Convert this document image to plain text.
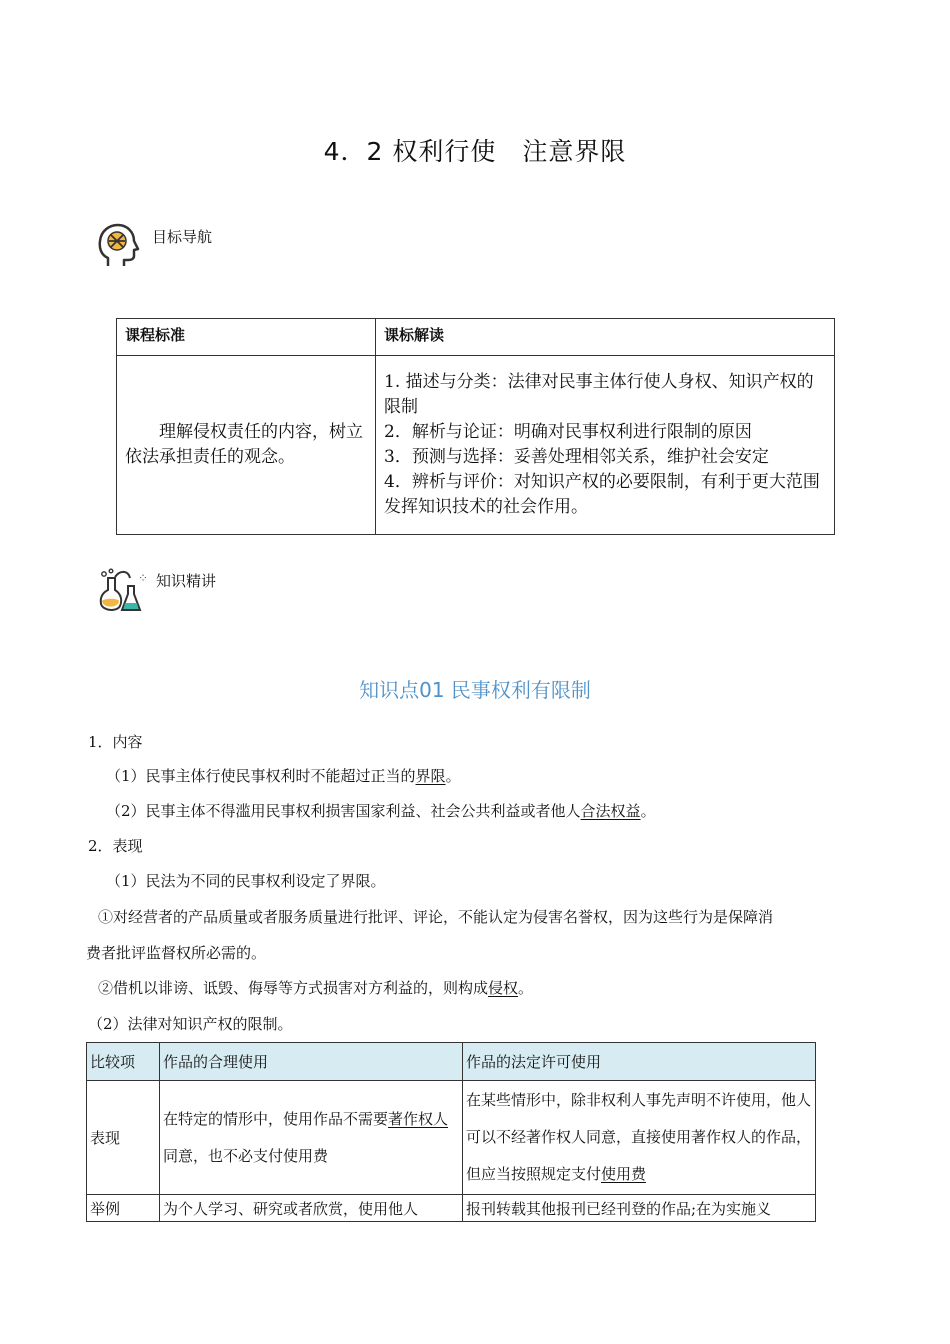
4．2 权利行使　注意界限
目标导航
课程标准	课标解读

理解侵权责任的内容，树立依法承担责任的观念。	1. 描述与分类：法律对民事主体行使人身权、知识产权的限制
2．解析与论证：明确对民事权利进行限制的原因
3．预测与选择：妥善处理相邻关系，维护社会安定
4．辨析与评价：对知识产权的必要限制，有利于更大范围发挥知识技术的社会作用。
⁘ 知识精讲
知识点01 民事权利有限制
1．内容
（1）民事主体行使民事权利时不能超过正当的界限。
（2）民事主体不得滥用民事权利损害国家利益、社会公共利益或者他人合法权益。
2．表现
（1）民法为不同的民事权利设定了界限。
①对经营者的产品质量或者服务质量进行批评、评论，不能认定为侵害名誉权，因为这些行为是保障消
费者批评监督权所必需的。
②借机以诽谤、诋毁、侮辱等方式损害对方利益的，则构成侵权。
（2）法律对知识产权的限制。
比较项	作品的合理使用	作品的法定许可使用
表现	在特定的情形中，使用作品不需要著作权人同意，也不必支付使用费	在某些情形中，除非权利人事先声明不许使用，他人可以不经著作权人同意，直接使用著作权人的作品，但应当按照规定支付使用费

举例	为个人学习、研究或者欣赏，使用他人	报刊转载其他报刊已经刊登的作品;在为实施义
